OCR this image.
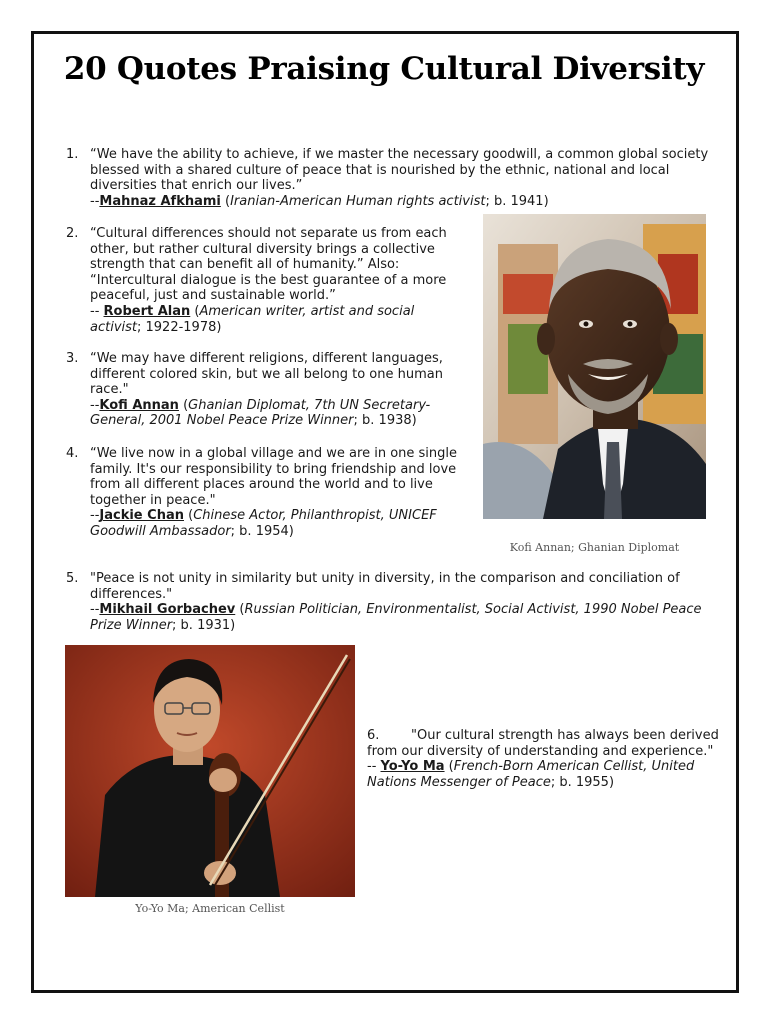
20 Quotes Praising Cultural Diversity
1. “We have the ability to achieve, if we master the necessary goodwill, a common global society blessed with a shared culture of peace that is nourished by the ethnic, national and local diversities that enrich our lives.”
--Mahnaz Afkhami (Iranian-American Human rights activist; b. 1941)
2. “Cultural differences should not separate us from each other, but rather cultural diversity brings a collective strength that can benefit all of humanity.” Also: “Intercultural dialogue is the best guarantee of a more peaceful, just and sustainable world.”
-- Robert Alan (American writer, artist and social activist; 1922-1978)
3. “We may have different religions, different languages, different colored skin, but we all belong to one human race."
--Kofi Annan (Ghanian Diplomat, 7th UN Secretary-General, 2001 Nobel Peace Prize Winner; b. 1938)
4. “We live now in a global village and we are in one single family. It's our responsibility to bring friendship and love from all different places around the world and to live together in peace."
--Jackie Chan (Chinese Actor, Philanthropist, UNICEF Goodwill Ambassador; b. 1954)
Kofi Annan; Ghanian Diplomat
5. "Peace is not unity in similarity but unity in diversity, in the comparison and conciliation of differences."
--Mikhail Gorbachev (Russian Politician, Environmentalist, Social Activist, 1990 Nobel Peace Prize Winner; b. 1931)
Yo-Yo Ma; American Cellist
6. "Our cultural strength has always been derived from our diversity of understanding and experience."
-- Yo-Yo Ma (French-Born American Cellist, United Nations Messenger of Peace; b. 1955)
